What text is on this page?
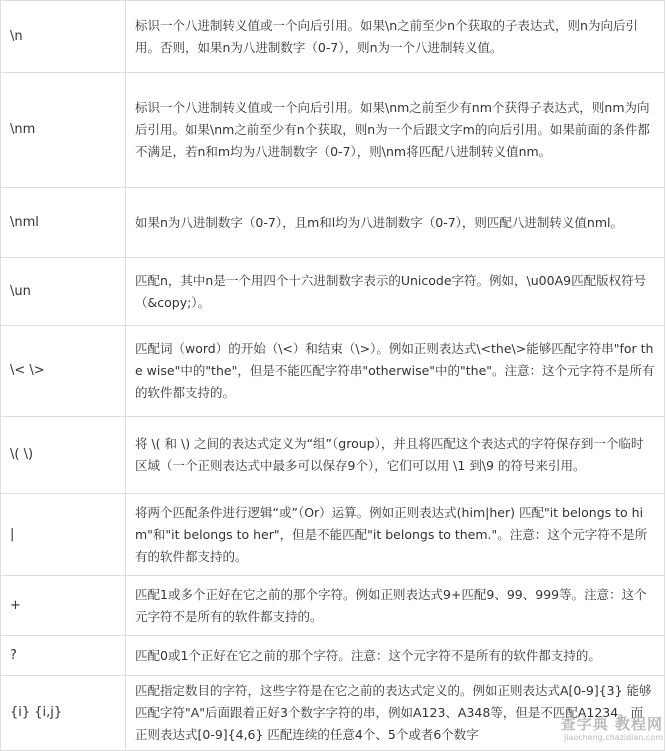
\n	标识一个八进制转义值或一个向后引用。如果\n之前至少n个获取的子表达式，则n为向后引用。否则，如果n为八进制数字（0-7），则n为一个八进制转义值。
\nm	标识一个八进制转义值或一个向后引用。如果\nm之前至少有nm个获得子表达式，则nm为向后引用。如果\nm之前至少有n个获取，则n为一个后跟文字m的向后引用。如果前面的条件都不满足，若n和m均为八进制数字（0-7），则\nm将匹配八进制转义值nm。
\nml	如果n为八进制数字（0-7），且m和l均为八进制数字（0-7），则匹配八进制转义值nml。
\un	匹配n，其中n是一个用四个十六进制数字表示的Unicode字符。例如，\u00A9匹配版权符号（&copy;）。
\< \>	匹配词（word）的开始（\<）和结束（\>）。例如正则表达式\<the\>能够匹配字符串"for the wise"中的"the"，但是不能匹配字符串"otherwise"中的"the"。注意：这个元字符不是所有的软件都支持的。
\( \)	将 \( 和 \) 之间的表达式定义为“组”（group），并且将匹配这个表达式的字符保存到一个临时区域（一个正则表达式中最多可以保存9个），它们可以用 \1 到\9 的符号来引用。
|	将两个匹配条件进行逻辑“或”（Or）运算。例如正则表达式(him|her) 匹配"it belongs to him"和"it belongs to her"，但是不能匹配"it belongs to them."。注意：这个元字符不是所有的软件都支持的。
+	匹配1或多个正好在它之前的那个字符。例如正则表达式9+匹配9、99、999等。注意：这个元字符不是所有的软件都支持的。
?	匹配0或1个正好在它之前的那个字符。注意：这个元字符不是所有的软件都支持的。
{i} {i,j}	匹配指定数目的字符，这些字符是在它之前的表达式定义的。例如正则表达式A[0-9]{3} 能够匹配字符"A"后面跟着正好3个数字字符的串，例如A123、A348等，但是不匹配A1234。而正则表达式[0-9]{4,6} 匹配连续的任意4个、5个或者6个数字
查字典 教程网
jiaocheng.chazidian.com
